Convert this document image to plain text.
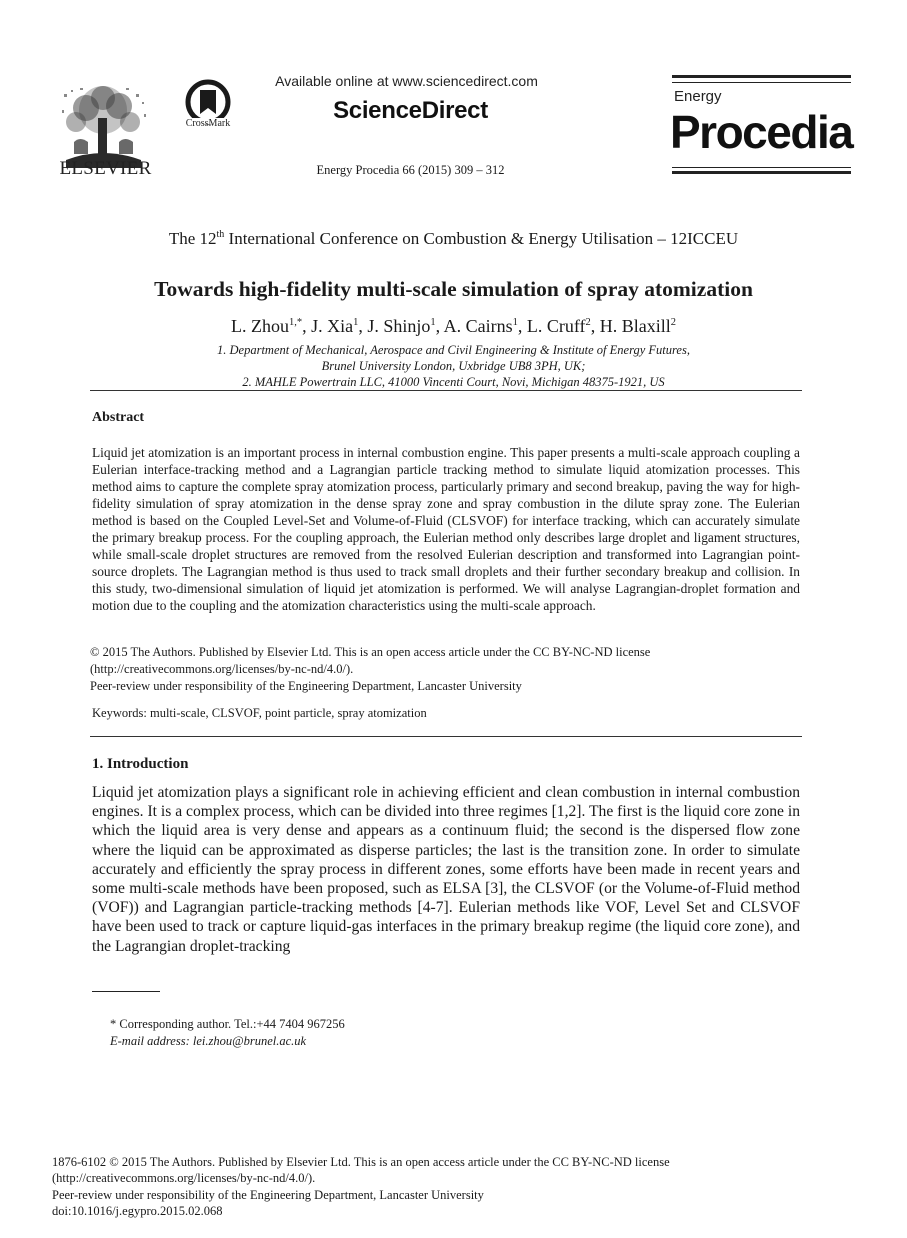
ELSEVIER
CrossMark
Available online at www.sciencedirect.com
ScienceDirect
Energy Procedia 66 (2015) 309 – 312
Energy
Procedia
The 12th International Conference on Combustion & Energy Utilisation – 12ICCEU
Towards high-fidelity multi-scale simulation of spray atomization
L. Zhou$^{1,*}$, J. Xia$^1$, J. Shinjo$^1$, A. Cairns$^1$, L. Cruff$^2$, H. Blaxill$^2$
1. Department of Mechanical, Aerospace and Civil Engineering & Institute of Energy Futures,
Brunel University London, Uxbridge UB8 3PH, UK;
2. MAHLE Powertrain LLC, 41000 Vincenti Court, Novi, Michigan 48375-1921, US
Abstract
Liquid jet atomization is an important process in internal combustion engine. This paper presents a multi-scale approach coupling a Eulerian interface-tracking method and a Lagrangian particle tracking method to simulate liquid atomization processes. This method aims to capture the complete spray atomization process, particularly primary and second breakup, paving the way for high-fidelity simulation of spray atomization in the dense spray zone and spray combustion in the dilute spray zone. The Eulerian method is based on the Coupled Level-Set and Volume-of-Fluid (CLSVOF) for interface tracking, which can accurately simulate the primary breakup process. For the coupling approach, the Eulerian method only describes large droplet and ligament structures, while small-scale droplet structures are removed from the resolved Eulerian description and transformed into Lagrangian point-source droplets. The Lagrangian method is thus used to track small droplets and their further secondary breakup and collision. In this study, two-dimensional simulation of liquid jet atomization is performed. We will analyse Lagrangian-droplet formation and motion due to the coupling and the atomization characteristics using the multi-scale approach.
© 2015 The Authors. Published by Elsevier Ltd. This is an open access article under the CC BY-NC-ND license
(http://creativecommons.org/licenses/by-nc-nd/4.0/).
Peer-review under responsibility of the Engineering Department, Lancaster University
Keywords: multi-scale, CLSVOF, point particle, spray atomization
1. Introduction
Liquid jet atomization plays a significant role in achieving efficient and clean combustion in internal combustion engines. It is a complex process, which can be divided into three regimes [1,2]. The first is the liquid core zone in which the liquid area is very dense and appears as a continuum fluid; the second is the dispersed flow zone where the liquid can be approximated as disperse particles; the last is the transition zone. In order to simulate accurately and efficiently the spray process in different zones, some efforts have been made in recent years and some multi-scale methods have been proposed, such as ELSA [3], the CLSVOF (or the Volume-of-Fluid method (VOF)) and Lagrangian particle-tracking methods [4-7]. Eulerian methods like VOF, Level Set and CLSVOF have been used to track or capture liquid-gas interfaces in the primary breakup regime (the liquid core zone), and the Lagrangian droplet-tracking
* Corresponding author. Tel.:+44 7404 967256
E-mail address: lei.zhou@brunel.ac.uk
1876-6102 © 2015 The Authors. Published by Elsevier Ltd. This is an open access article under the CC BY-NC-ND license
(http://creativecommons.org/licenses/by-nc-nd/4.0/).
Peer-review under responsibility of the Engineering Department, Lancaster University
doi:10.1016/j.egypro.2015.02.068
